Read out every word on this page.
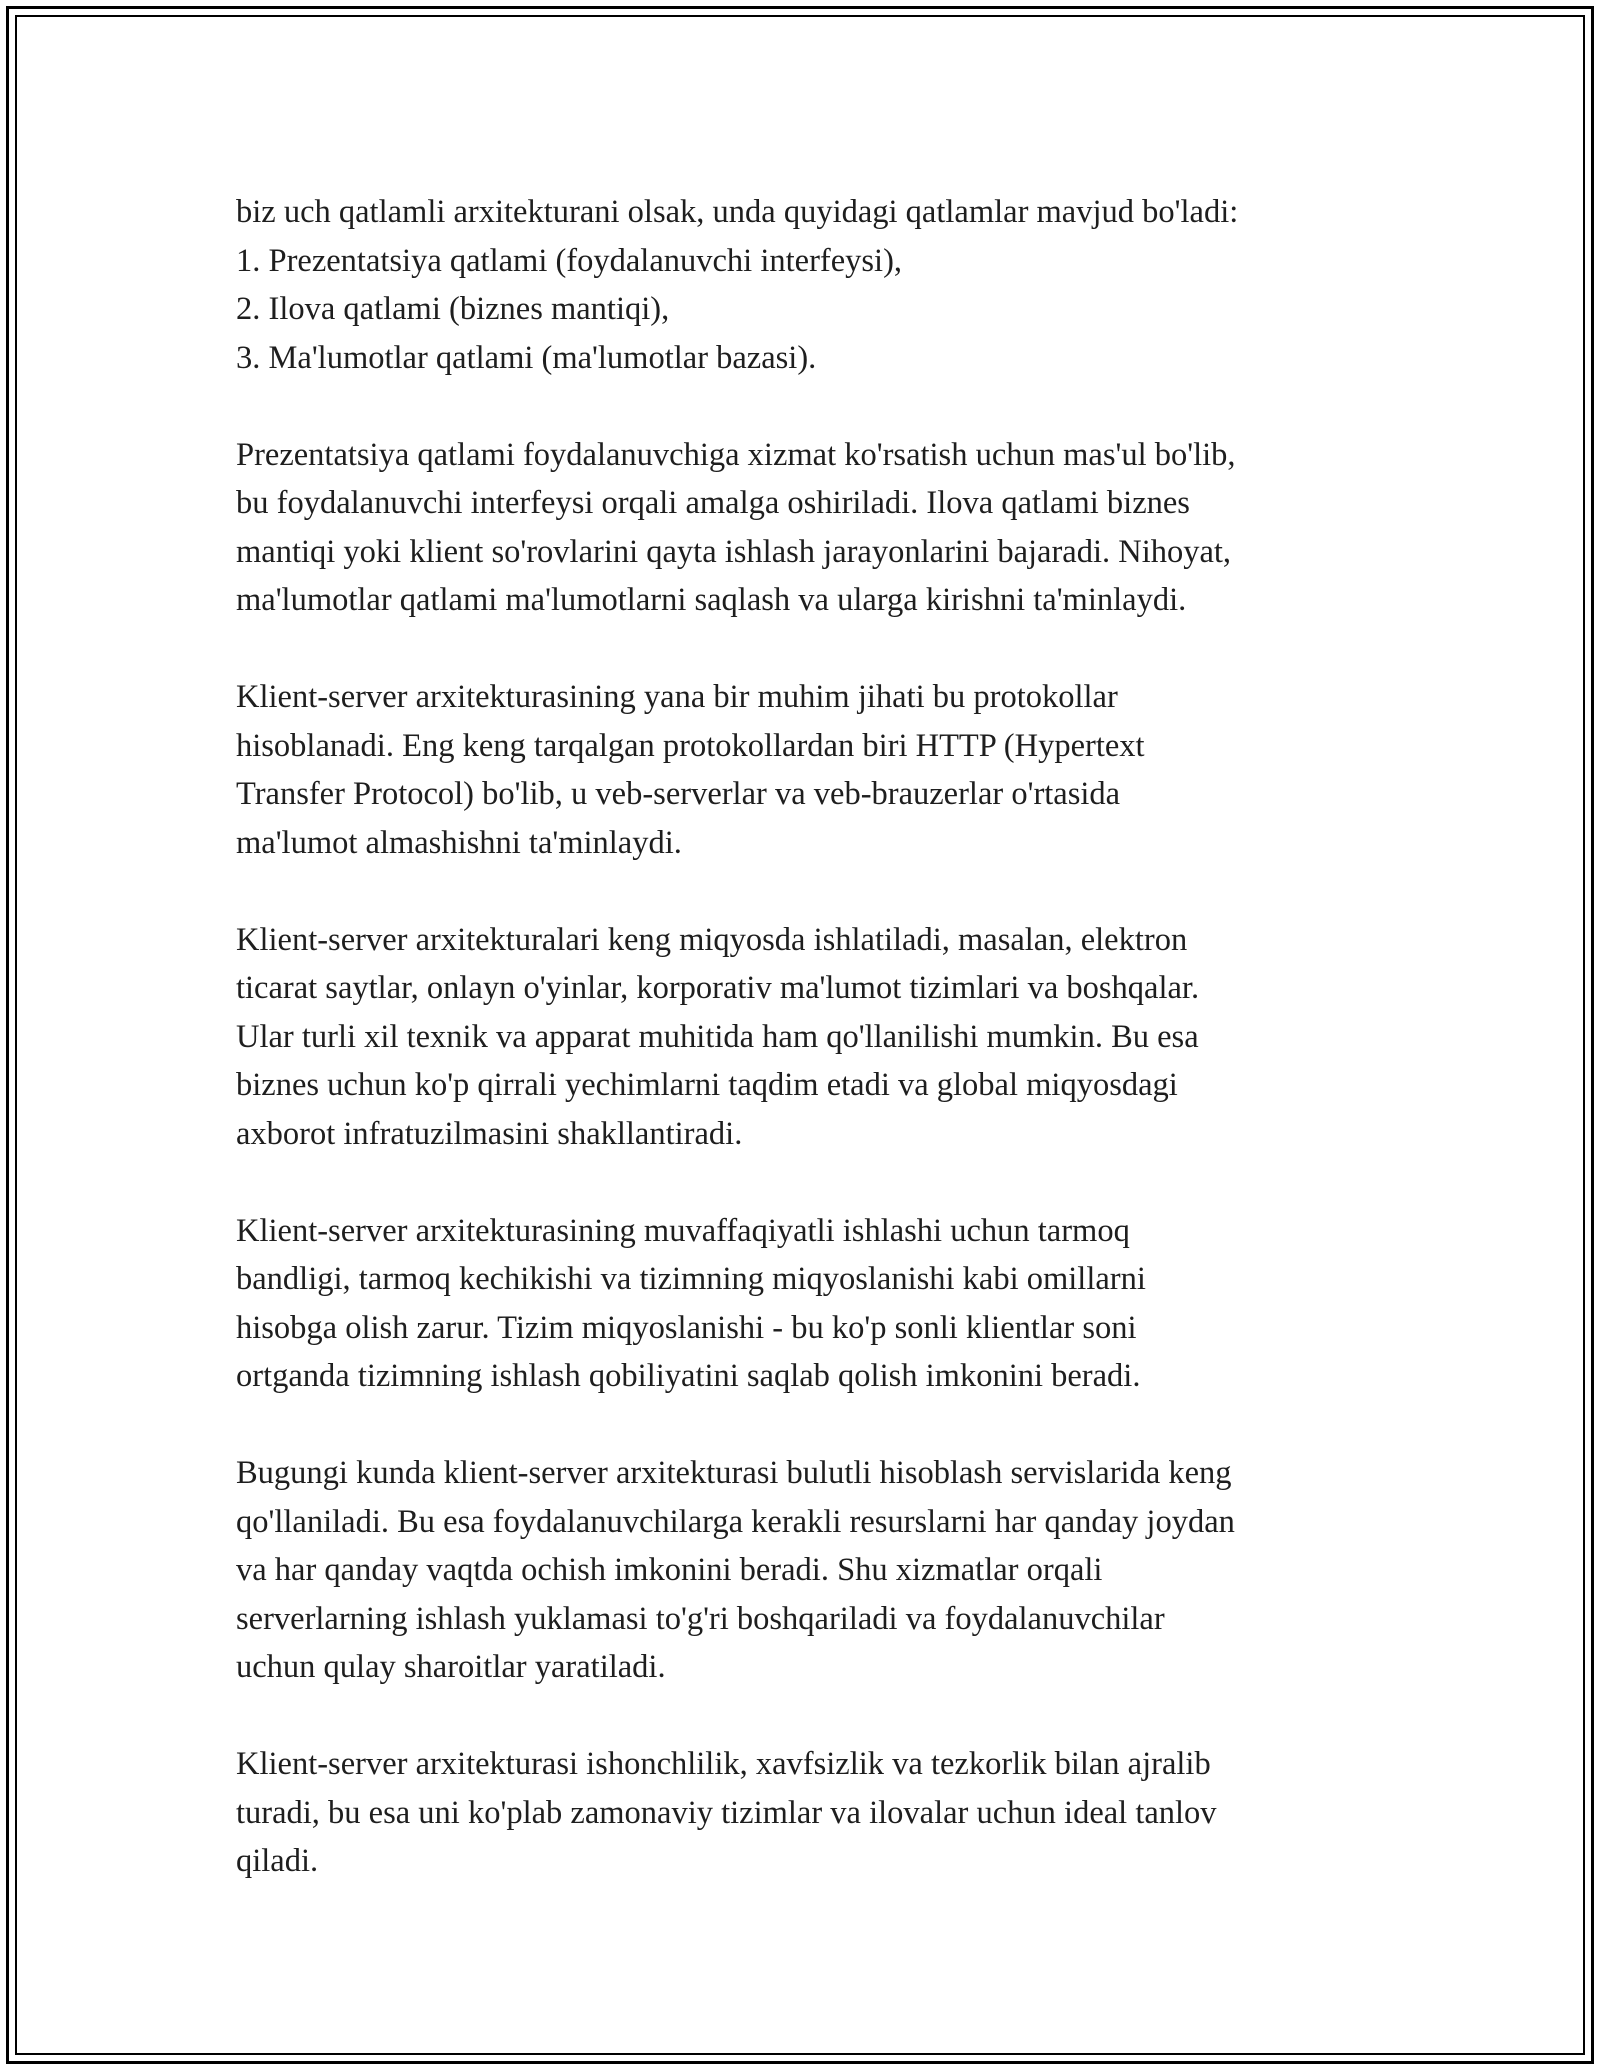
biz uch qatlamli arxitekturani olsak, unda quyidagi qatlamlar mavjud bo'ladi:
1. Prezentatsiya qatlami (foydalanuvchi interfeysi),
2. Ilova qatlami (biznes mantiqi),
3. Ma'lumotlar qatlami (ma'lumotlar bazasi).

Prezentatsiya qatlami foydalanuvchiga xizmat ko'rsatish uchun mas'ul bo'lib,
bu foydalanuvchi interfeysi orqali amalga oshiriladi. Ilova qatlami biznes
mantiqi yoki klient so'rovlarini qayta ishlash jarayonlarini bajaradi. Nihoyat,
ma'lumotlar qatlami ma'lumotlarni saqlash va ularga kirishni ta'minlaydi.

Klient-server arxitekturasining yana bir muhim jihati bu protokollar
hisoblanadi. Eng keng tarqalgan protokollardan biri HTTP (Hypertext
Transfer Protocol) bo'lib, u veb-serverlar va veb-brauzerlar o'rtasida
ma'lumot almashishni ta'minlaydi.

Klient-server arxitekturalari keng miqyosda ishlatiladi, masalan, elektron
ticarat saytlar, onlayn o'yinlar, korporativ ma'lumot tizimlari va boshqalar.
Ular turli xil texnik va apparat muhitida ham qo'llanilishi mumkin. Bu esa
biznes uchun ko'p qirrali yechimlarni taqdim etadi va global miqyosdagi
axborot infratuzilmasini shakllantiradi.

Klient-server arxitekturasining muvaffaqiyatli ishlashi uchun tarmoq
bandligi, tarmoq kechikishi va tizimning miqyoslanishi kabi omillarni
hisobga olish zarur. Tizim miqyoslanishi - bu ko'p sonli klientlar soni
ortganda tizimning ishlash qobiliyatini saqlab qolish imkonini beradi.

Bugungi kunda klient-server arxitekturasi bulutli hisoblash servislarida keng
qo'llaniladi. Bu esa foydalanuvchilarga kerakli resurslarni har qanday joydan
va har qanday vaqtda ochish imkonini beradi. Shu xizmatlar orqali
serverlarning ishlash yuklamasi to'g'ri boshqariladi va foydalanuvchilar
uchun qulay sharoitlar yaratiladi.

Klient-server arxitekturasi ishonchlilik, xavfsizlik va tezkorlik bilan ajralib
turadi, bu esa uni ko'plab zamonaviy tizimlar va ilovalar uchun ideal tanlov
qiladi.
